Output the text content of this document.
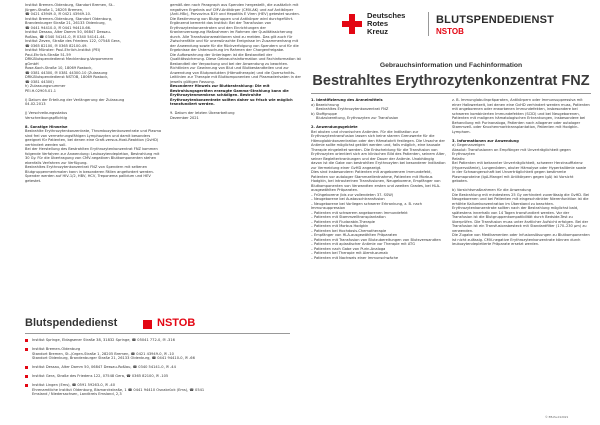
Institut Bremen-Oldenburg, Standort Bremen, St.-

Jürgen-Straße 1, 28205 Bremen,

☎ 0421 43949-0, ✉ 0421 43949-10.

Institut Bremen-Oldenburg, Standort Oldenburg,

Brandenburger Straße 21, 26133 Oldenburg,

☎ 0441 94410-0, ✉ 0441 94410-66.

Institut Dessau, Alter Damm 50, 06847 Dessau-

Roßlau, ☎ 0340 54141-0, ✉ 0340 54141-44.

Institut Zeven, Straße des Friedens 122, 07548 Gera,

☎ 0365 82100, ✉ 0365 82100-49.

Institut Münster: Paul-Ehrlich-Institut (PEI)

Paul-Ehrlich-Straße 51-59

DRK-Blutspendedienst Mecklenburg-Vorpommern

gGmbH

Rose-Koch-Straße 10, 18069 Rostock,

☎ 0381 44300, ✉ 0381 44300-10 (Zulassung

DRK-Blutspendedienst NSTOB, 18069 Rostock,

☎ 0381 44300)

h) Zulassungsnummer

PEI.H.02905.01.1

i) Datum der Erteilung der Verlängerung der Zulassung

04.02.2013

j) Verschreibungsstatus

Verschreibungspflichtig

8. Sonstige Hinweise

Bestrahlte Erythrozytenkonzentrate, Thrombozytenkonzentrate und Plasma sind frei von vermehrungsfähigen Lymphozyten und damit besonders geeignet für Patienten, bei denen eine Graft-versus-Host-Reaktion (GvHD) verhindert werden soll.

Bei der Herstellung des Bestrahlten Erythrozytenkonzentrat FNZ kommen folgende Verfahren zur Anwendung: Leukozytendepletion, Bestrahlung mit 30 Gy. Für die Übertragung von CMV-negativen Blutkomponenten stehen ebenfalls Verfahren zur Verfügung.

Bestrahltes Erythrozytenkonzentrat FNZ von Spendern mit seltenen Blutgruppenmerkmalen kann in besonderen Fällen angefordert werden. Spender werden auf HIV-1/2, HBV, HCV, Treponema pallidum und HEV getestet.

gemäß den nach Paragraph aus Spenden hergestellt, die zusätzlich mit negativen Ergebnis auf CMV-Antikörper (CMV-AK) und auf Antikörper (Anti-HBc), Parvovirus B19 und Hepatitis E Viren (HEV) getestet wurden. Die Bestimmung von Blutgruppen und Antikörper wird durchgeführt.

Ergänzend bemerkt das Institut: Bei der Transfusion von Erythrozytenkonzentraten und den Einrichtungen der Krankenversorgung Maßnahmen im Rahmen der Qualitätssicherung durch. Alle Transfusionsreaktionen sind zu melden. Das gilt auch für Zwischenfälle und für unerwünschte Ereignisse im Zusammenhang mit der Anwendung sowie für die Rückverfolgung von Spendern und für die Ergebnisse der Untersuchung im Rahmen der Chargenfreigabe.

Die Aufbewahrung der Unterlagen ist die Bestandteil der Qualitätssicherung. Diese Gebrauchsinformation und Fachinformation ist Bestandteil der Verpackung und bei der Anwendung zu beachten.

Richtlinien zur Gewinnung von Blut und Blutbestandteilen und zur Anwendung von Blutprodukten (Hämotherapie) und die Querschnitts-Leitlinien zur Therapie mit Blutkomponenten und Plasmaderivaten in der jeweils gültigen Fassung.

Besonderer Hinweis zur Blutbestrahlung: Die mit Bestrahlungsgeräten erzeugte Gamma-Strahlung kann die Erythrozytenmembran schädigen. Bestrahlte Erythrozytenkonzentrate sollten daher so frisch wie möglich transfundiert werden.

9. Datum der letzten Überarbeitung

Dezember 2021

Deutsches
Rotes
Kreuz
BLUTSPENDEDIENST
NSTOB
Gebrauchsinformation und Fachinformation
Bestrahltes Erythrozytenkonzentrat FNZ

1. Identifizierung des Arzneimittels

a) Bezeichnung

Bestrahltes Erythrozytenkonzentrat FNZ

b) Stoffgruppe

Blutzubereitung, Erythrozyten zur Transfusion

2. Anwendungsgebiete

Bei akuten und chronischen Anämien. Für die Indikation zur Erythrozytentransfusion lassen sich keine starren Grenzwerte für die Hämoglobinkonzentration oder den Hämatokrit festlegen. Die Ursache der Anämie sollte möglichst geklärt werden und, falls möglich, eine kausale Therapie eingeleitet werden. Die Entscheidung für die Transfusion von Erythrozyten orientiert sich am klinischen Bild des Patienten, seinem Alter, seiner Begleiterkrankungen und der Dauer der Anämie. Unabhängig davon ist die Gabe von bestrahlten Erythrozyten bei besonderer Indikation zur Vermeidung einer GvHD angezeigt.

Dies sind insbesondere: Patienten mit angeborenem Immundefekt, Patienten vor autologer Stammzellentnahme, Patienten mit Morbus Hodgkin, bei intrauterinen Transfusionen, Neugeborene, Empfänger von Blutkomponenten von Verwandten ersten und zweiten Grades, bei HLA-ausgewählten Präparaten.

– Frühgeborene (bis zur vollendeten 37. SSW)

– Neugeborene bei Austauschtransfusion

– Neugeborene bei Vorliegen schwerer Erkrankung, z. B. nach Immunsuppression

– Patienten mit schwerem angeborenen Immundefekt

– Patienten mit Stammzelltransplantation

– Patienten mit Fludarabin-Therapie

– Patienten mit Morbus Hodgkin

– Patienten bei Hochdosis-Chemotherapie

– Empfänger von HLA-ausgewählten Präparaten

– Patienten mit Transfusion von Blutzubereitungen von Blutsverwandten

– Patienten mit aplastischer Anämie vor Therapie mit ATG

– Patienten nach Gabe von Purin-Analoga

– Patienten bei Therapie mit Alemtuzumab

– Patienten mit Nachweis einer Immunschwäche

z. B. Immunglobulinpräparaten, Antikörpern oder Immunsuppressiva mit einer Halbwertzeit, bei denen eine GvHD verhindert werden muss, Patienten mit angeborenen oder erworbenen Immundefekten, insbesondere bei schweren kombinierten Immundefekten (SCID) und bei Neugeborenen, Patienten mit malignen hämatologischen Erkrankungen, insbesondere bei Behandlung mit Purinanaloga, Patienten nach allogener oder autologer Stammzell- oder Knochenmarktransplantation, Patienten mit Hodgkin-Lymphom.

3. Informationen zur Anwendung

a) Gegenanzeigen

Absolut: Transfusionen an Empfänger mit Unverträglichkeit gegen Erythrozyten

Relativ:

Bei Patienten mit bekannter Unverträglichkeit, schwerer Herzinsuffizienz (Hypervolämie), Lungenödem, akuter Hämolyse oder Hyperkaliämie sowie in der Schwangerschaft bei Unverträglichkeit gegen bestimmte Plasmaproteine (IgA-Mangel mit Antikörpern gegen IgA) ist Vorsicht geboten.

b) Vorsichtsmaßnahmen für die Anwendung

Die Bestrahlung mit mindestens 25 Gy verhindert zuverlässig die GvHD. Bei Neugeborenen und bei Patienten mit eingeschränkter Nierenfunktion ist die erhöhte Kaliumkonzentration im Überstand zu beachten. Erythrozytenkonzentrate sollten nach der Bestrahlung möglichst bald, spätestens innerhalb von 14 Tagen transfundiert werden. Vor der Transfusion ist die Blutgruppenkompatibilität durch Bedside-Test zu überprüfen. Die Transfusion muss unter ärztlicher Aufsicht erfolgen. Bei der Transfusion ist ein Transfusionsbesteck mit Standardfilter (170–230 µm) zu verwenden.

Die Zugabe von Medikamenten oder Infusionslösungen zu Blutkomponenten ist nicht zulässig. CMV-negative Erythrozytenkonzentrate können durch leukozytendepletierte Präparate ersetzt werden.

Blutspendedienst	NSTOB
Institut Springe, Eldagsener Straße 38, 31832 Springe, ☎ 05041 772-0, ✉ -316
Institut Bremen-Oldenburg
Standort Bremen, St.-Jürgen-Straße 1, 28205 Bremen, ☎ 0421 43949-0, ✉ -10
Standort Oldenburg, Brandenburger Straße 21, 26133 Oldenburg, ☎ 0441 94410-0, ✉ -66
Institut Dessau, Alter Damm 50, 06847 Dessau-Roßlau, ☎ 0340 54141-0, ✉ -44
Institut Gera, Straße des Friedens 122, 07548 Gera, ☎ 0365 82100, ✉ -105
Institut Lingen (Ems), ☎ 0591 59263-0, ✉ -40
Ehrenamtliche Institut Oldenburg, Bismarckstraße, 1 ☎ 0441 94410 Osnabrück (Ems), ☎ 0541
Emsland / Niedersachsen, Landkreis Emsland, 2,3
© EB-Pa-012021
